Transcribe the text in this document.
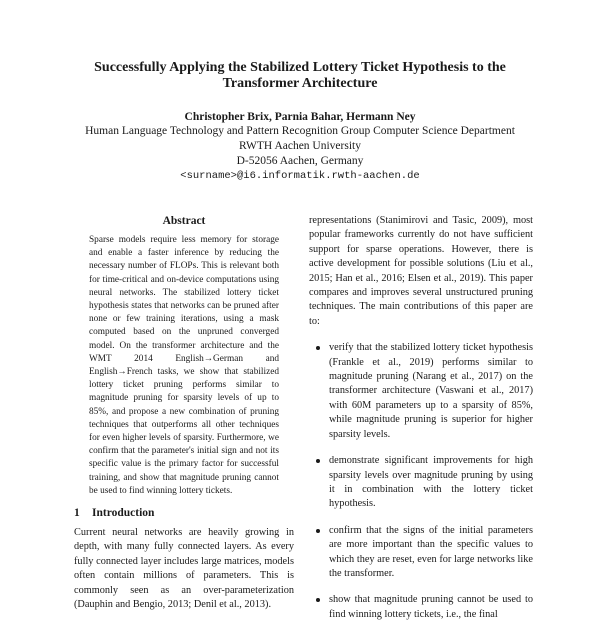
Successfully Applying the Stabilized Lottery Ticket Hypothesis to the Transformer Architecture
Christopher Brix, Parnia Bahar, Hermann Ney
Human Language Technology and Pattern Recognition Group Computer Science Department
RWTH Aachen University
D-52056 Aachen, Germany
<surname>@i6.informatik.rwth-aachen.de
Abstract
Sparse models require less memory for storage and enable a faster inference by reducing the necessary number of FLOPs. This is relevant both for time-critical and on-device computations using neural networks. The stabilized lottery ticket hypothesis states that networks can be pruned after none or few training iterations, using a mask computed based on the unpruned converged model. On the transformer architecture and the WMT 2014 English→German and English→French tasks, we show that stabilized lottery ticket pruning performs similar to magnitude pruning for sparsity levels of up to 85%, and propose a new combination of pruning techniques that outperforms all other techniques for even higher levels of sparsity. Furthermore, we confirm that the parameter's initial sign and not its specific value is the primary factor for successful training, and show that magnitude pruning cannot be used to find winning lottery tickets.
1 Introduction
Current neural networks are heavily growing in depth, with many fully connected layers. As every fully connected layer includes large matrices, models often contain millions of parameters. This is commonly seen as an over-parameterization (Dauphin and Bengio, 2013; Denil et al., 2013).
representations (Stanimirovi and Tasic, 2009), most popular frameworks currently do not have sufficient support for sparse operations. However, there is active development for possible solutions (Liu et al., 2015; Han et al., 2016; Elsen et al., 2019). This paper compares and improves several unstructured pruning techniques. The main contributions of this paper are to:
verify that the stabilized lottery ticket hypothesis (Frankle et al., 2019) performs similar to magnitude pruning (Narang et al., 2017) on the transformer architecture (Vaswani et al., 2017) with 60M parameters up to a sparsity of 85%, while magnitude pruning is superior for higher sparsity levels.
demonstrate significant improvements for high sparsity levels over magnitude pruning by using it in combination with the lottery ticket hypothesis.
confirm that the signs of the initial parameters are more important than the specific values to which they are reset, even for large networks like the transformer.
show that magnitude pruning cannot be used to find winning lottery tickets, i.e., the final
